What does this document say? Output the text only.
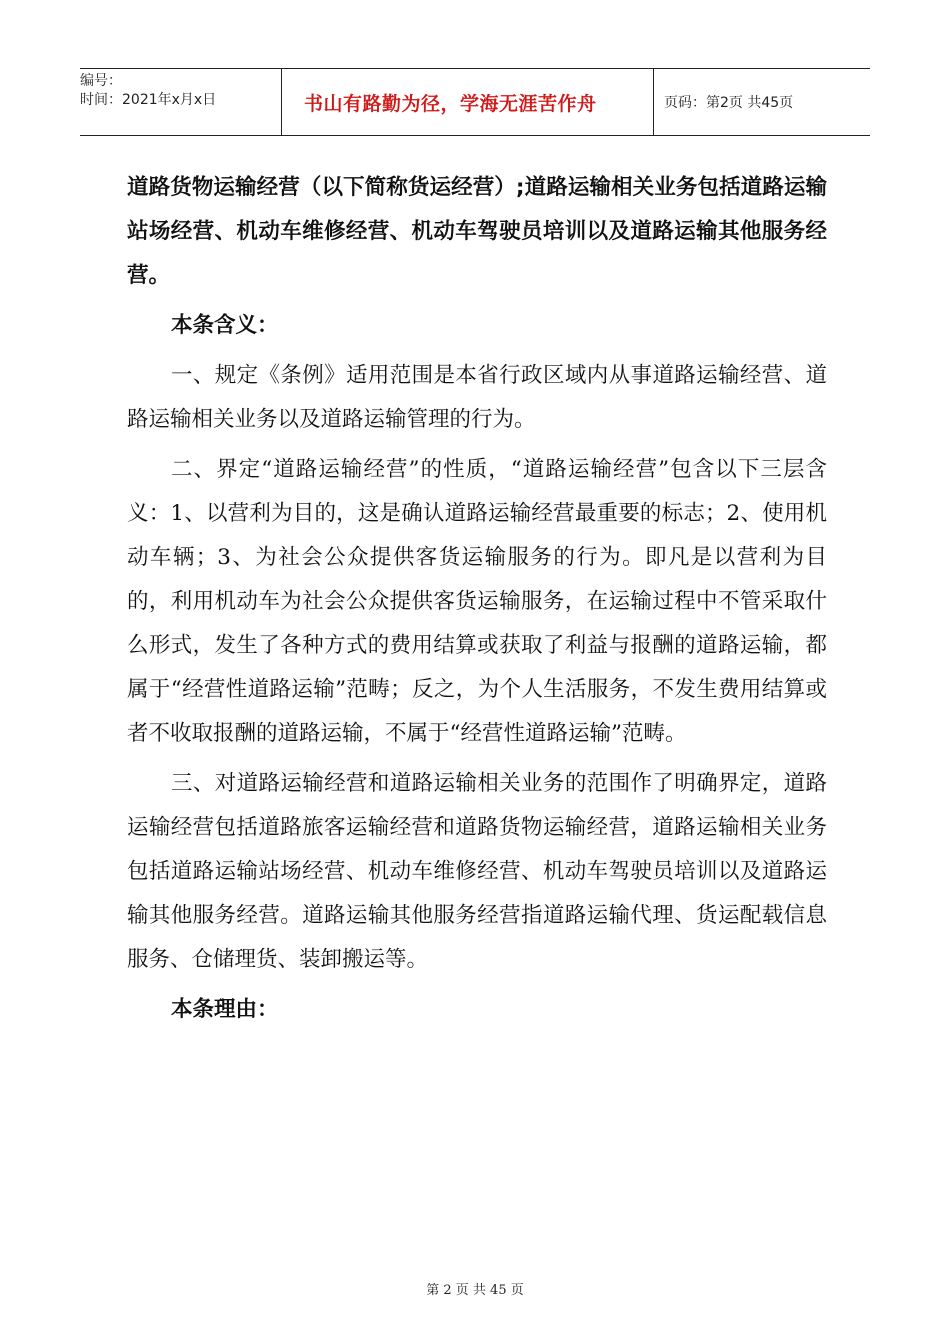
编号：
时间：2021年x月x日	书山有路勤为径，学海无涯苦作舟	页码：第2页 共45页

道路货物运输经营（以下简称货运经营）;道路运输相关业务包括道路运输站场经营、机动车维修经营、机动车驾驶员培训以及道路运输其他服务经营。

本条含义：

一、规定《条例》适用范围是本省行政区域内从事道路运输经营、道路运输相关业务以及道路运输管理的行为。

二、界定“道路运输经营”的性质，“道路运输经营”包含以下三层含义：1、以营利为目的，这是确认道路运输经营最重要的标志；2、使用机动车辆；3、为社会公众提供客货运输服务的行为。即凡是以营利为目的，利用机动车为社会公众提供客货运输服务，在运输过程中不管采取什么形式，发生了各种方式的费用结算或获取了利益与报酬的道路运输，都属于“经营性道路运输”范畴；反之，为个人生活服务，不发生费用结算或者不收取报酬的道路运输，不属于“经营性道路运输”范畴。

三、对道路运输经营和道路运输相关业务的范围作了明确界定，道路运输经营包括道路旅客运输经营和道路货物运输经营，道路运输相关业务包括道路运输站场经营、机动车维修经营、机动车驾驶员培训以及道路运输其他服务经营。道路运输其他服务经营指道路运输代理、货运配载信息服务、仓储理货、装卸搬运等。

本条理由：

第 2 页 共 45 页
